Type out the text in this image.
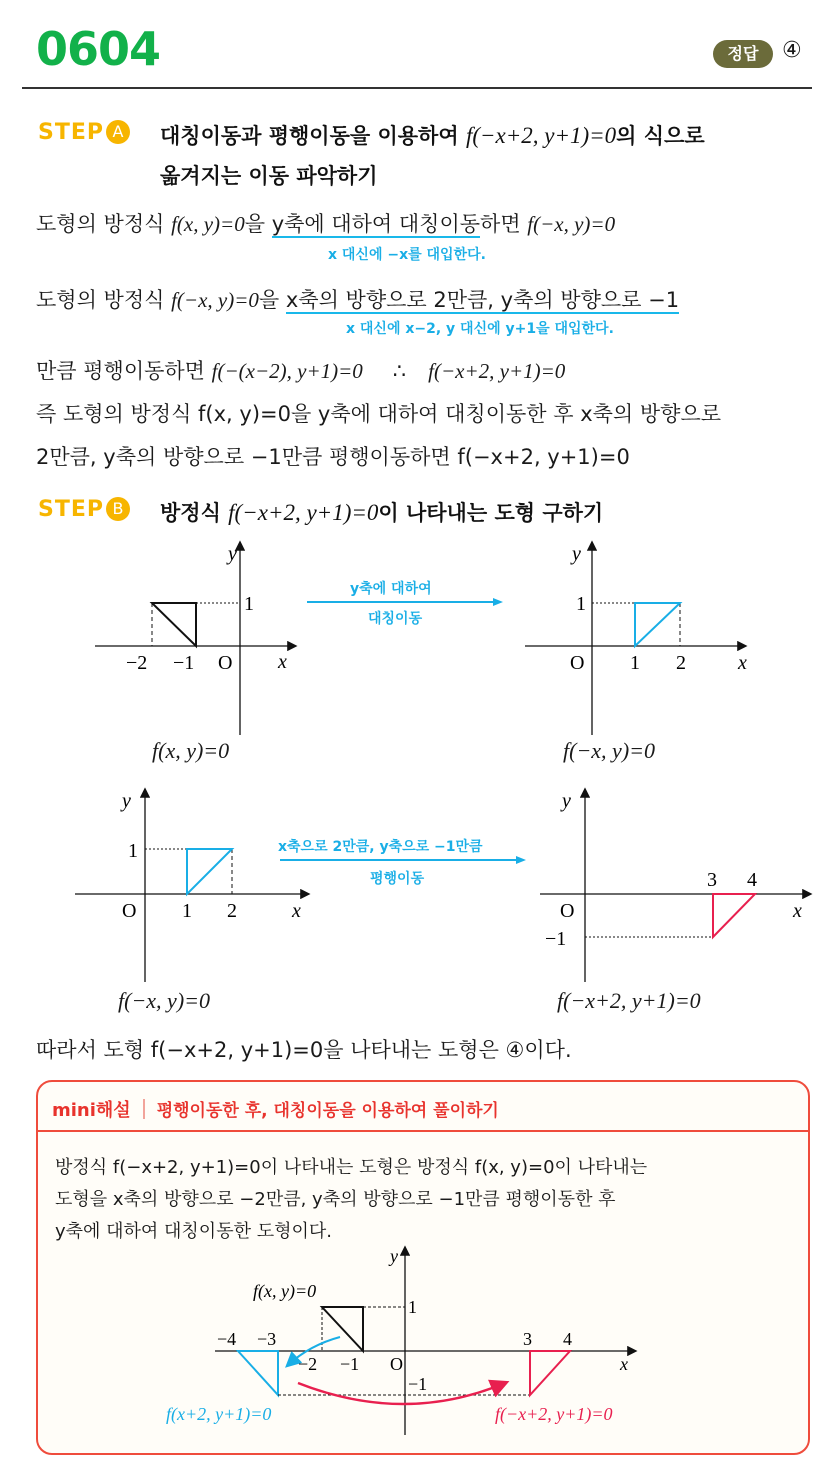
0604	정답	④
STEP A	대칭이동과 평행이동을 이용하여 f(−x+2, y+1)=0의 식으로
옮겨지는 이동 파악하기
도형의 방정식 f(x, y)=0을 y축에 대하여 대칭이동하면 f(−x, y)=0
x 대신에 −x를 대입한다.
도형의 방정식 f(−x, y)=0을 x축의 방향으로 2만큼, y축의 방향으로 −1
x 대신에 x−2, y 대신에 y+1을 대입한다.
만큼 평행이동하면 f(−(x−2), y+1)=0 ∴ f(−x+2, y+1)=0
즉 도형의 방정식 f(x, y)=0을 y축에 대하여 대칭이동한 후 x축의 방향으로
2만큼, y축의 방향으로 −1만큼 평행이동하면 f(−x+2, y+1)=0
STEP B	방정식 f(−x+2, y+1)=0이 나타내는 도형 구하기
y
x
1
−2 −1 O
f(x, y)=0
y축에 대하여
대칭이동
y
x
1
O 1 2
f(−x, y)=0
y
x
1
O 1 2
f(−x, y)=0
x축으로 2만큼, y축으로 −1만큼
평행이동
y
x
O
−1
3 4
f(−x+2, y+1)=0
따라서 도형 f(−x+2, y+1)=0을 나타내는 도형은 ④이다.
mini해설 평행이동한 후, 대칭이동을 이용하여 풀이하기
방정식 f(−x+2, y+1)=0이 나타내는 도형은 방정식 f(x, y)=0이 나타내는
도형을 x축의 방향으로 −2만큼, y축의 방향으로 −1만큼 평행이동한 후
y축에 대하여 대칭이동한 도형이다.
y
x
1
−1
O
−4 −3
−2 −1
3 4
f(x, y)=0
f(x+2, y+1)=0	f(−x+2, y+1)=0
